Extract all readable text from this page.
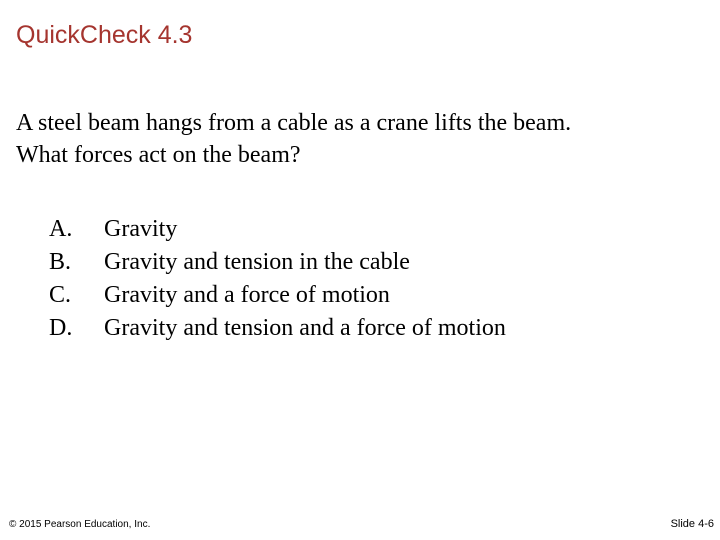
QuickCheck 4.3

A steel beam hangs from a cable as a crane lifts the beam.
What forces act on the beam?

A.	Gravity
B.	Gravity and tension in the cable
C.	Gravity and a force of motion
D.	Gravity and tension and a force of motion
© 2015 Pearson Education, Inc.	Slide 4-6
